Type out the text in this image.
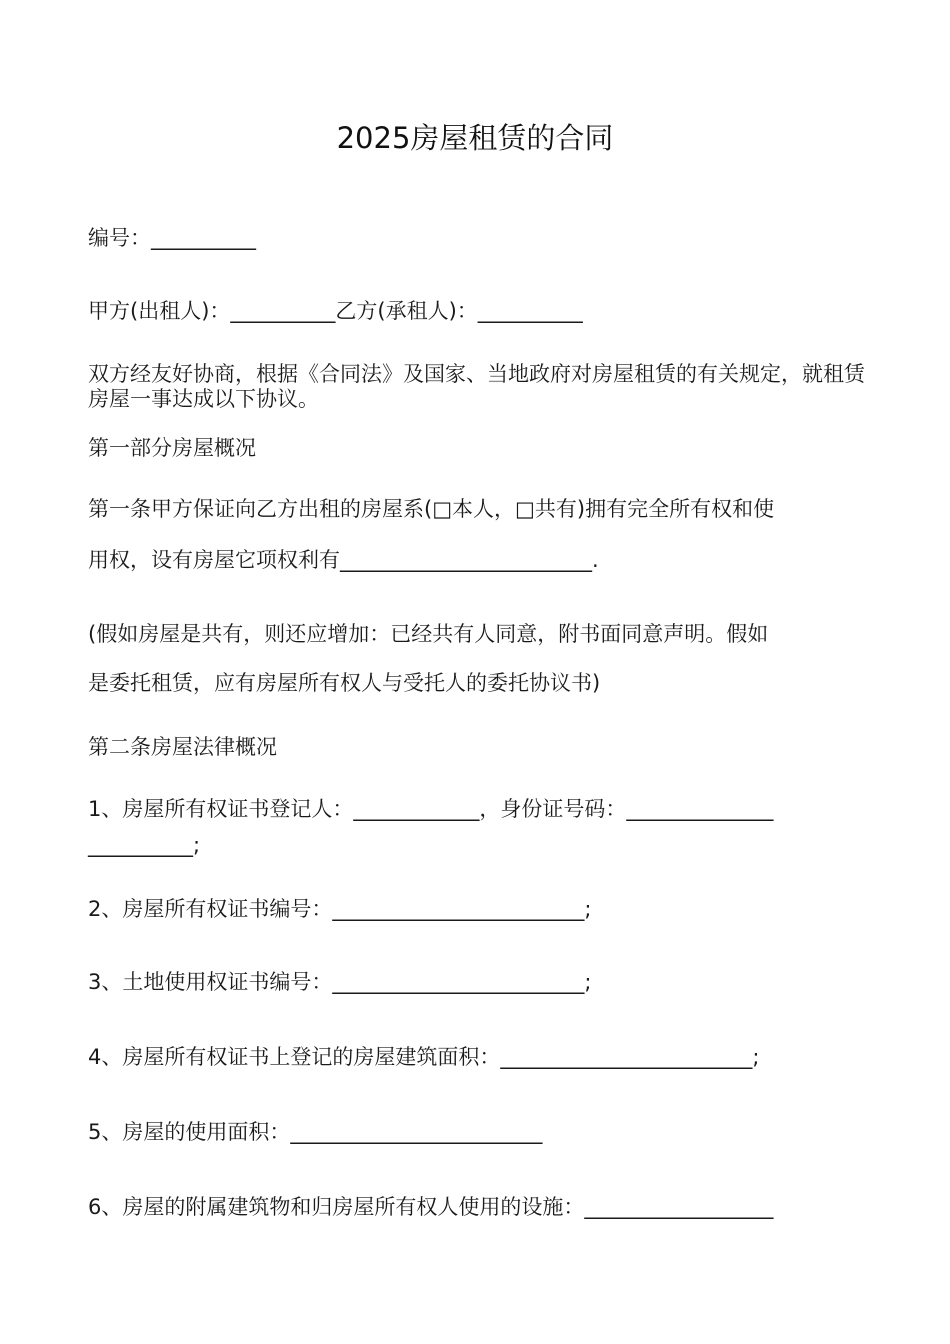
2025房屋租赁的合同
编号：__________
甲方(出租人)：__________乙方(承租人)：__________
双方经友好协商，根据《合同法》及国家、当地政府对房屋租赁的有关规定，就租赁房屋一事达成以下协议。
第一部分房屋概况
第一条甲方保证向乙方出租的房屋系(□本人，□共有)拥有完全所有权和使
用权，设有房屋它项权利有________________________.
(假如房屋是共有，则还应增加：已经共有人同意，附书面同意声明。假如
是委托租赁，应有房屋所有权人与受托人的委托协议书)
第二条房屋法律概况
1、房屋所有权证书登记人：____________，身份证号码：______________
__________;
2、房屋所有权证书编号：________________________;
3、土地使用权证书编号：________________________;
4、房屋所有权证书上登记的房屋建筑面积：________________________;
5、房屋的使用面积：________________________
6、房屋的附属建筑物和归房屋所有权人使用的设施：__________________
